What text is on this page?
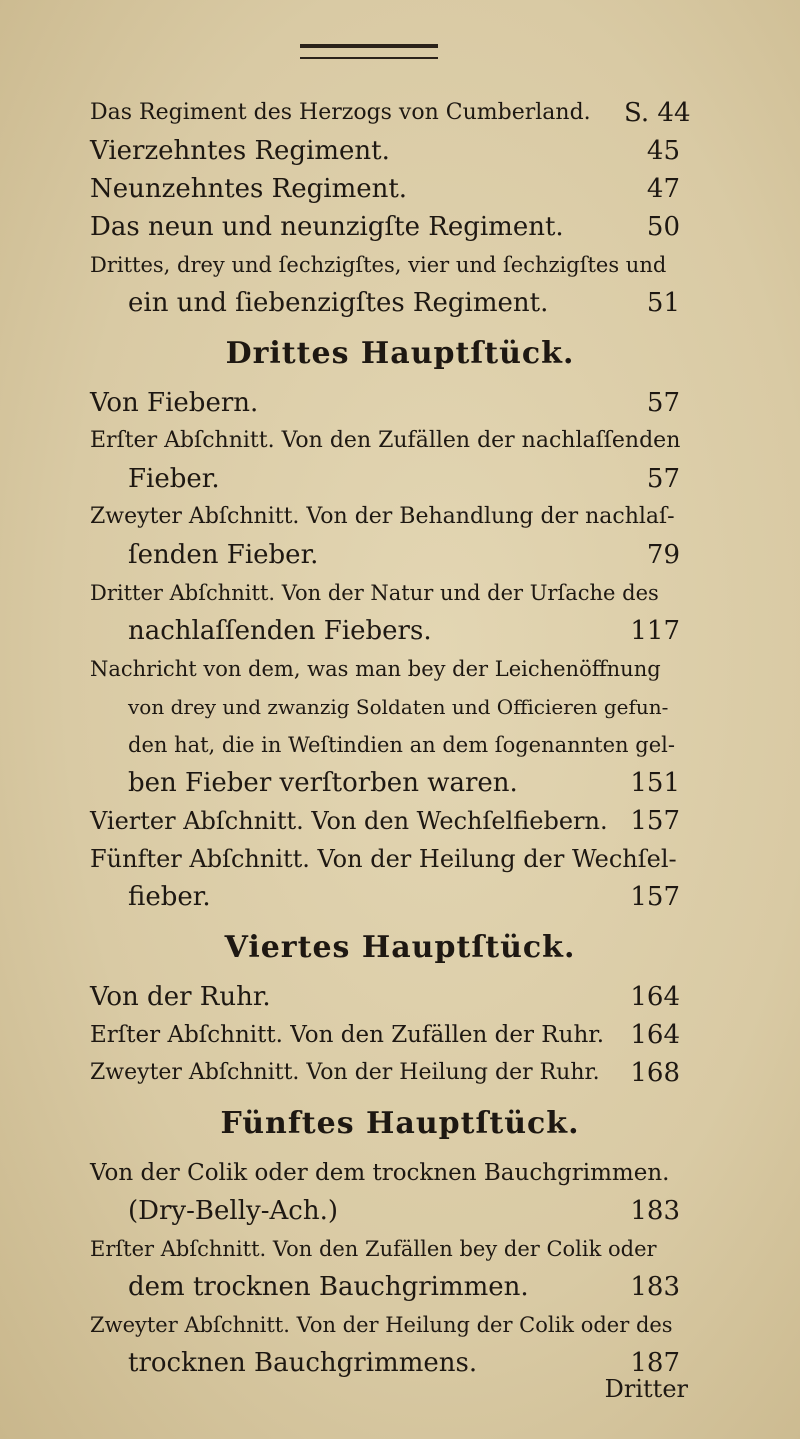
Das Regiment des Herzogs von Cumberland. S. 44
Vierzehntes Regiment.	45
Neunzehntes Regiment.	47
Das neun und neunzigſte Regiment.	50
Drittes, drey und ſechzigſtes, vier und ſechzigſtes und
ein und ſiebenzigſtes Regiment.	51
Drittes Hauptſtück.
Von Fiebern.	57
Erſter Abſchnitt. Von den Zufällen der nachlaſſenden
Fieber.	57
Zweyter Abſchnitt. Von der Behandlung der nachlaſ-
ſenden Fieber.	79
Dritter Abſchnitt. Von der Natur und der Urſache des
nachlaſſenden Fiebers.	117
Nachricht von dem, was man bey der Leichenöffnung
von drey und zwanzig Soldaten und Officieren gefun-
den hat, die in Weſtindien an dem ſogenannten gel-
ben Fieber verſtorben waren.	151
Vierter Abſchnitt. Von den Wechſelfiebern. 157
Fünfter Abſchnitt. Von der Heilung der Wechſel-
fieber.	157
Viertes Hauptſtück.
Von der Ruhr.	164
Erſter Abſchnitt. Von den Zufällen der Ruhr. 164
Zweyter Abſchnitt. Von der Heilung der Ruhr. 168
Fünftes Hauptſtück.
Von der Colik oder dem trocknen Bauchgrimmen.
(Dry-Belly-Ach.)	183
Erſter Abſchnitt. Von den Zufällen bey der Colik oder
dem trocknen Bauchgrimmen.	183
Zweyter Abſchnitt. Von der Heilung der Colik oder des
trocknen Bauchgrimmens.	187
Dritter
